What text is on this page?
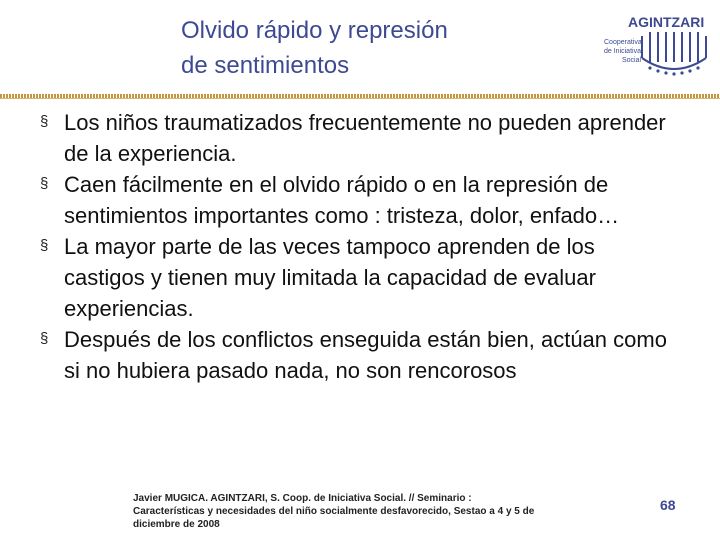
Olvido rápido y represión
de sentimientos
AGINTZARI
Cooperativa
de Iniciativa
Social
§ Los niños traumatizados frecuentemente no pueden aprender de la experiencia.
§ Caen fácilmente en el olvido rápido o en la represión de sentimientos importantes como : tristeza, dolor, enfado…
§ La mayor parte de las veces tampoco aprenden de los castigos y tienen muy limitada la capacidad de evaluar experiencias.
§ Después de los conflictos enseguida están bien, actúan como si no hubiera pasado nada, no son rencorosos
Javier MUGICA. AGINTZARI, S. Coop. de Iniciativa Social. // Seminario :
Características y necesidades del niño socialmente desfavorecido, Sestao a 4 y 5 de
diciembre de 2008
68
